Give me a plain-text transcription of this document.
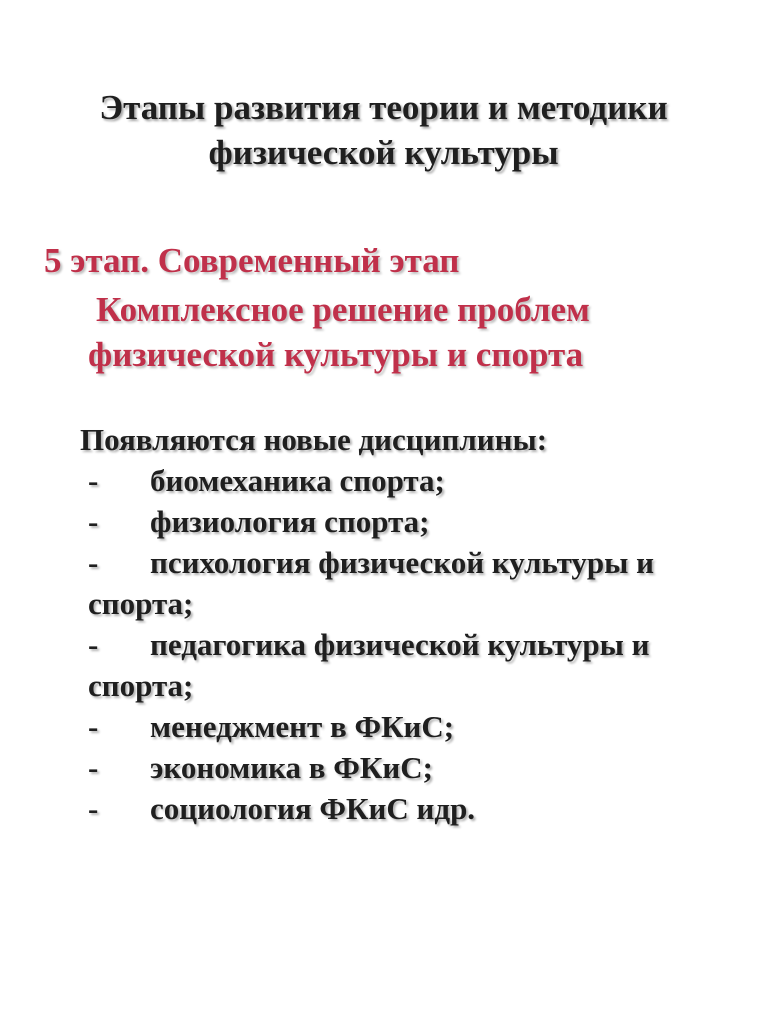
Этапы развития теории и методики
физической культуры
5 этап. Современный этап
Комплексное решение проблем
физической культуры и спорта
Появляются новые дисциплины:
- биомеханика спорта;
- физиология спорта;
- психология физической культуры и спорта;
- педагогика физической культуры и спорта;
- менеджмент в ФКиС;
- экономика в ФКиС;
- социология ФКиС идр.
